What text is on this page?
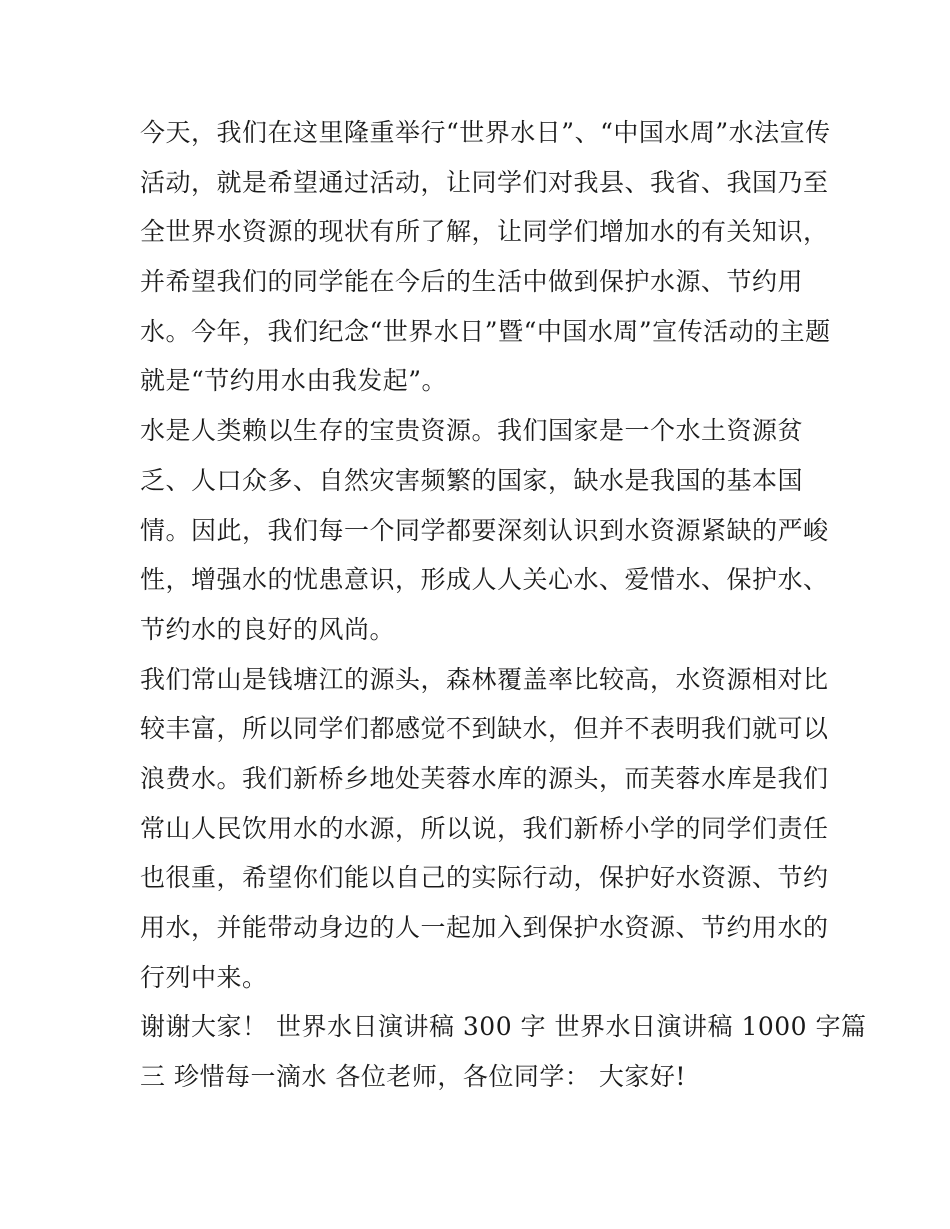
今天，我们在这里隆重举行“世界水日”、“中国水周”水法宣传
活动，就是希望通过活动，让同学们对我县、我省、我国乃至
全世界水资源的现状有所了解，让同学们增加水的有关知识，
并希望我们的同学能在今后的生活中做到保护水源、节约用
水。今年，我们纪念“世界水日”暨“中国水周”宣传活动的主题
就是“节约用水由我发起”。
水是人类赖以生存的宝贵资源。我们国家是一个水土资源贫
乏、人口众多、自然灾害频繁的国家，缺水是我国的基本国
情。因此，我们每一个同学都要深刻认识到水资源紧缺的严峻
性，增强水的忧患意识，形成人人关心水、爱惜水、保护水、
节约水的良好的风尚。
我们常山是钱塘江的源头，森林覆盖率比较高，水资源相对比
较丰富，所以同学们都感觉不到缺水，但并不表明我们就可以
浪费水。我们新桥乡地处芙蓉水库的源头，而芙蓉水库是我们
常山人民饮用水的水源，所以说，我们新桥小学的同学们责任
也很重，希望你们能以自己的实际行动，保护好水资源、节约
用水，并能带动身边的人一起加入到保护水资源、节约用水的
行列中来。
谢谢大家！ 世界水日演讲稿 300 字 世界水日演讲稿 1000 字篇
三 珍惜每一滴水 各位老师，各位同学： 大家好!
